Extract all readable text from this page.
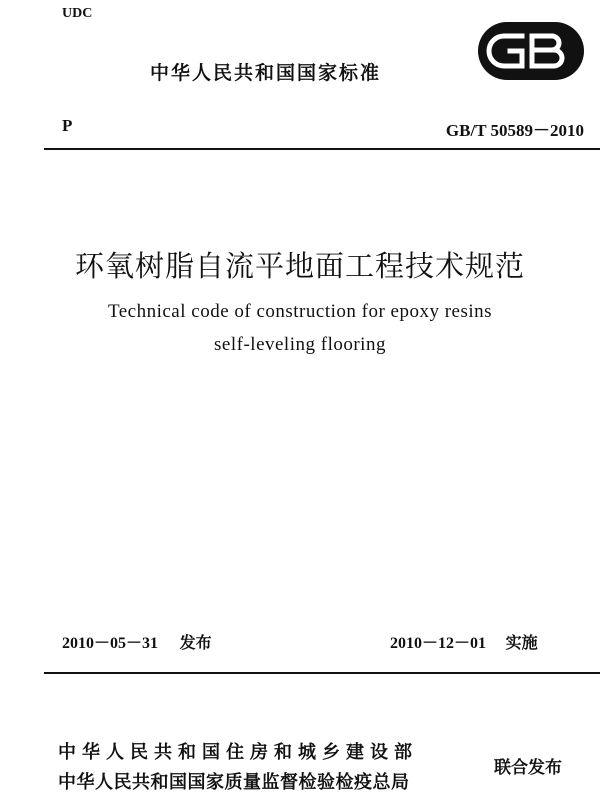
UDC
中华人民共和国国家标准
P	GB/T 50589－2010
环氧树脂自流平地面工程技术规范
Technical code of construction for epoxy resins
self-leveling flooring
2010－05－31 发布	2010－12－01 实施
中华人民共和国住房和城乡建设部
中华人民共和国国家质量监督检验检疫总局
联合发布
